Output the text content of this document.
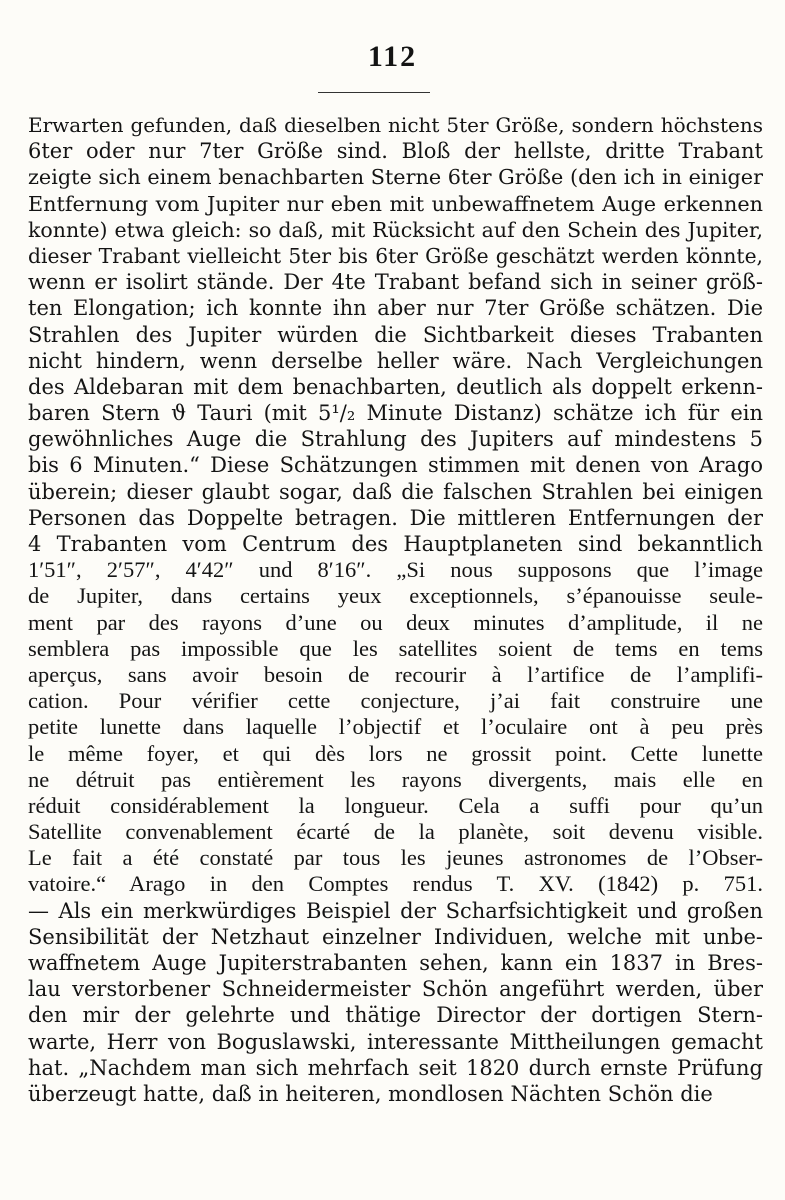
112
Erwarten gefunden, daß dieselben nicht 5ter Größe, sondern höchstens
6ter oder nur 7ter Größe sind. Bloß der hellste, dritte Trabant
zeigte sich einem benachbarten Sterne 6ter Größe (den ich in einiger
Entfernung vom Jupiter nur eben mit unbewaffnetem Auge erkennen
konnte) etwa gleich: so daß, mit Rücksicht auf den Schein des Jupiter,
dieser Trabant vielleicht 5ter bis 6ter Größe geschätzt werden könnte,
wenn er isolirt stände. Der 4te Trabant befand sich in seiner größ-
ten Elongation; ich konnte ihn aber nur 7ter Größe schätzen. Die
Strahlen des Jupiter würden die Sichtbarkeit dieses Trabanten
nicht hindern, wenn derselbe heller wäre. Nach Vergleichungen
des Aldebaran mit dem benachbarten, deutlich als doppelt erkenn-
baren Stern ϑ Tauri (mit 5¹/₂ Minute Distanz) schätze ich für ein
gewöhnliches Auge die Strahlung des Jupiters auf mindestens 5
bis 6 Minuten.“ Diese Schätzungen stimmen mit denen von Arago
überein; dieser glaubt sogar, daß die falschen Strahlen bei einigen
Personen das Doppelte betragen. Die mittleren Entfernungen der
4 Trabanten vom Centrum des Hauptplaneten sind bekanntlich
1′51″, 2′57″, 4′42″ und 8′16″. „Si nous supposons que l’image
de Jupiter, dans certains yeux exceptionnels, s’épanouisse seule-
ment par des rayons d’une ou deux minutes d’amplitude, il ne
semblera pas impossible que les satellites soient de tems en tems
aperçus, sans avoir besoin de recourir à l’artifice de l’amplifi-
cation. Pour vérifier cette conjecture, j’ai fait construire une
petite lunette dans laquelle l’objectif et l’oculaire ont à peu près
le même foyer, et qui dès lors ne grossit point. Cette lunette
ne détruit pas entièrement les rayons divergents, mais elle en
réduit considérablement la longueur. Cela a suffi pour qu’un
Satellite convenablement écarté de la planète, soit devenu visible.
Le fait a été constaté par tous les jeunes astronomes de l’Obser-
vatoire.“ Arago in den Comptes rendus T. XV. (1842) p. 751.
— Als ein merkwürdiges Beispiel der Scharfsichtigkeit und großen
Sensibilität der Netzhaut einzelner Individuen, welche mit unbe-
waffnetem Auge Jupiterstrabanten sehen, kann ein 1837 in Bres-
lau verstorbener Schneidermeister Schön angeführt werden, über
den mir der gelehrte und thätige Director der dortigen Stern-
warte, Herr von Boguslawski, interessante Mittheilungen gemacht
hat. „Nachdem man sich mehrfach seit 1820 durch ernste Prüfung
überzeugt hatte, daß in heiteren, mondlosen Nächten Schön die
